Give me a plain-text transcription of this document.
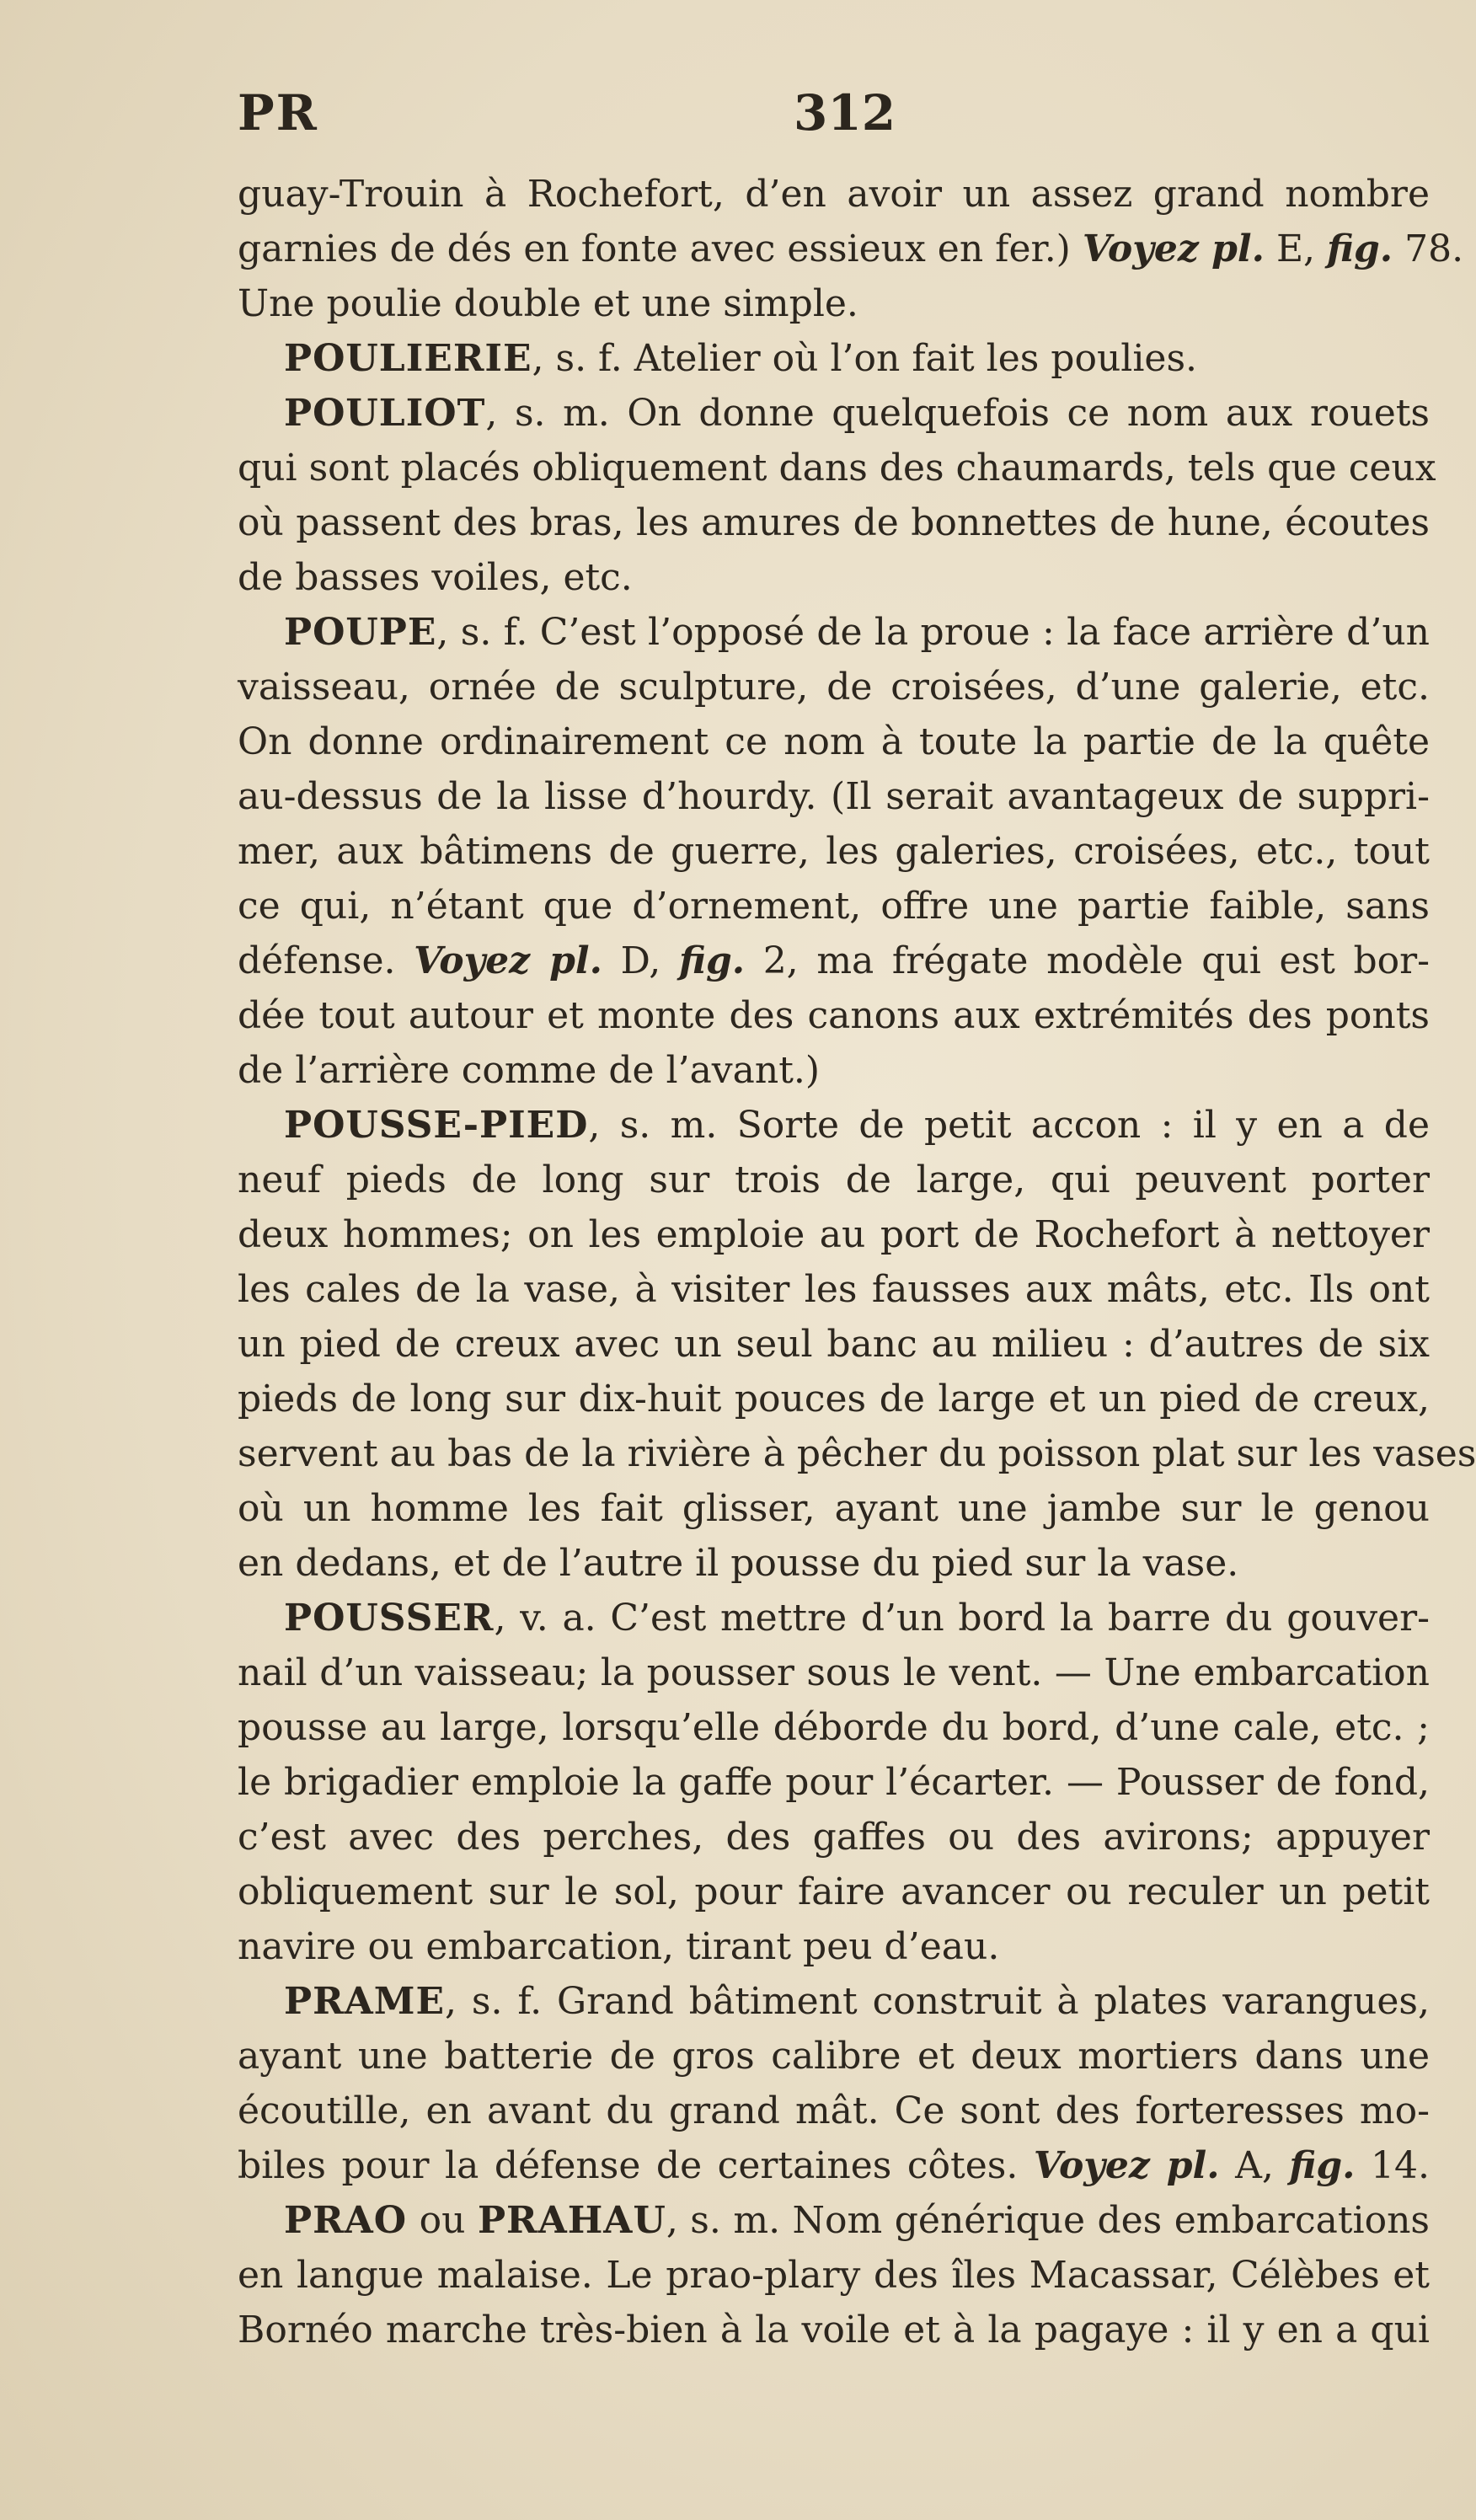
PR	312
guay-Trouin à Rochefort, d’en avoir un assez grand nombre
garnies de dés en fonte avec essieux en fer.) Voyez pl. E, fig. 78.
Une poulie double et une simple.
POULIERIE, s. f. Atelier où l’on fait les poulies.
POULIOT, s. m. On donne quelquefois ce nom aux rouets
qui sont placés obliquement dans des chaumards, tels que ceux
où passent des bras, les amures de bonnettes de hune, écoutes
de basses voiles, etc.
POUPE, s. f. C’est l’opposé de la proue : la face arrière d’un
vaisseau, ornée de sculpture, de croisées, d’une galerie, etc.
On donne ordinairement ce nom à toute la partie de la quête
au-dessus de la lisse d’hourdy. (Il serait avantageux de suppri-
mer, aux bâtimens de guerre, les galeries, croisées, etc., tout
ce qui, n’étant que d’ornement, offre une partie faible, sans
défense. Voyez pl. D, fig. 2, ma frégate modèle qui est bor-
dée tout autour et monte des canons aux extrémités des ponts
de l’arrière comme de l’avant.)
POUSSE-PIED, s. m. Sorte de petit accon : il y en a de
neuf pieds de long sur trois de large, qui peuvent porter
deux hommes; on les emploie au port de Rochefort à nettoyer
les cales de la vase, à visiter les fausses aux mâts, etc. Ils ont
un pied de creux avec un seul banc au milieu : d’autres de six
pieds de long sur dix-huit pouces de large et un pied de creux,
servent au bas de la rivière à pêcher du poisson plat sur les vases
où un homme les fait glisser, ayant une jambe sur le genou
en dedans, et de l’autre il pousse du pied sur la vase.
POUSSER, v. a. C’est mettre d’un bord la barre du gouver-
nail d’un vaisseau; la pousser sous le vent. — Une embarcation
pousse au large, lorsqu’elle déborde du bord, d’une cale, etc. ;
le brigadier emploie la gaffe pour l’écarter. — Pousser de fond,
c’est avec des perches, des gaffes ou des avirons; appuyer
obliquement sur le sol, pour faire avancer ou reculer un petit
navire ou embarcation, tirant peu d’eau.
PRAME, s. f. Grand bâtiment construit à plates varangues,
ayant une batterie de gros calibre et deux mortiers dans une
écoutille, en avant du grand mât. Ce sont des forteresses mo-
biles pour la défense de certaines côtes. Voyez pl. A, fig. 14.
PRAO ou PRAHAU, s. m. Nom générique des embarcations
en langue malaise. Le prao-plary des îles Macassar, Célèbes et
Bornéo marche très-bien à la voile et à la pagaye : il y en a qui
